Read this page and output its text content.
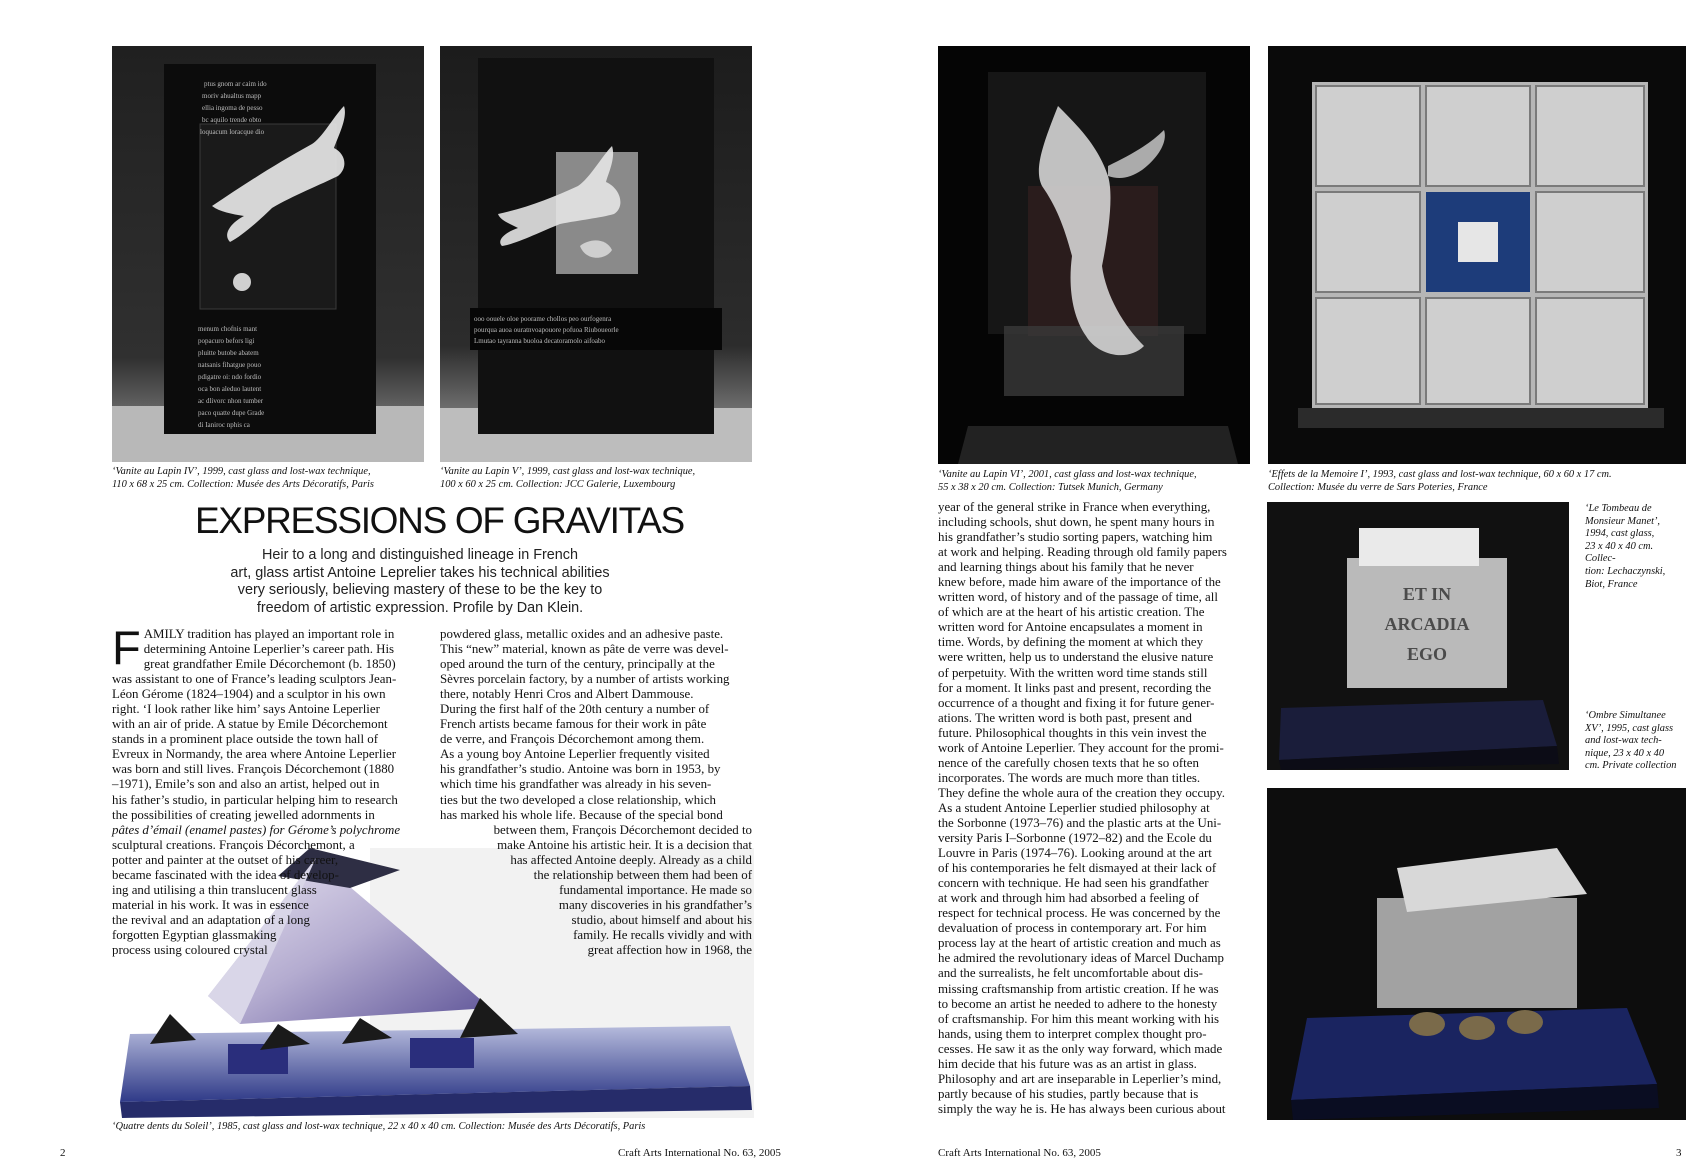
ptus gnom ar caim ido
moriv ahualtus mapp
ellia ingoma de pesso
bc aquilo trende obto
loquacum loracque dio
menum chofnis mant
popacuro befors ligi
pluitte butobe abatem
natsanis fihatgue pouo
pdigatre oi: ndo fordio
oca bon aleduo lautent
ac dlivorc nhon tumber
paco quatte dupe Grade
di Ianiroc nphis ca
‘Vanite au Lapin IV’, 1999, cast glass and lost-wax technique,
110 x 68 x 25 cm. Collection: Musée des Arts Décoratifs, Paris
ooo oouele oloe poorame chollos peo ourfogenra
pourqua auoa ouratnvoapouore pofuoa Riuboueorle
Lmutao tayranna buoloa decatoramolo aifoabo
‘Vanite au Lapin V’, 1999, cast glass and lost-wax technique,
100 x 60 x 25 cm. Collection: JCC Galerie, Luxembourg
EXPRESSIONS OF GRAVITAS
Heir to a long and distinguished lineage in French
art, glass artist Antoine Leprelier takes his technical abilities
very seriously, believing mastery of these to be the key to
freedom of artistic expression. Profile by Dan Klein.
F AMILY tradition has played an important role in
determining Antoine Leperlier’s career path. His
great grandfather Emile Décorchemont (b. 1850)
was assistant to one of France’s leading sculptors Jean-
Léon Gérome (1824–1904) and a sculptor in his own
right. ‘I look rather like him’ says Antoine Leperlier
with an air of pride. A statue by Emile Décorchemont
stands in a prominent place outside the town hall of
Evreux in Normandy, the area where Antoine Leperlier
was born and still lives. François Décorchemont (1880
–1971), Emile’s son and also an artist, helped out in
his father’s studio, in particular helping him to research
the possibilities of creating jewelled adornments in
pâtes d’émail (enamel pastes) for Gérome’s polychrome
sculptural creations. François Décorchemont, a
potter and painter at the outset of his career,
became fascinated with the idea of develop-
ing and utilising a thin translucent glass
material in his work. It was in essence
the revival and an adaptation of a long
forgotten Egyptian glassmaking
process using coloured crystal
powdered glass, metallic oxides and an adhesive paste.
This “new” material, known as pâte de verre was devel-
oped around the turn of the century, principally at the
Sèvres porcelain factory, by a number of artists working
there, notably Henri Cros and Albert Dammouse.
During the first half of the 20th century a number of
French artists became famous for their work in pâte
de verre, and François Décorchemont among them.
As a young boy Antoine Leperlier frequently visited
his grandfather’s studio. Antoine was born in 1953, by
which time his grandfather was already in his seven-
ties but the two developed a close relationship, which
has marked his whole life. Because of the special bond
between them, François Décorchemont decided to
make Antoine his artistic heir. It is a decision that
has affected Antoine deeply. Already as a child
the relationship between them had been of
fundamental importance. He made so
many discoveries in his grandfather’s
studio, about himself and about his
family. He recalls vividly and with
great affection how in 1968, the
‘Quatre dents du Soleil’, 1985, cast glass and lost-wax technique, 22 x 40 x 40 cm. Collection: Musée des Arts Décoratifs, Paris
2	Craft Arts International No. 63, 2005
‘Vanite au Lapin VI’, 2001, cast glass and lost-wax technique,
55 x 38 x 20 cm. Collection: Tutsek Munich, Germany
‘Effets de la Memoire I’, 1993, cast glass and lost-wax technique, 60 x 60 x 17 cm.
Collection: Musée du verre de Sars Poteries, France
ET IN
ARCADIA
EGO
‘Le Tombeau de
Monsieur Manet’,
1994, cast glass,
23 x 40 x 40 cm.
Collec-
tion: Lechaczynski,
Biot, France
‘Ombre Simultanee
XV’, 1995, cast glass
and lost-wax tech-
nique, 23 x 40 x 40
cm. Private collection
year of the general strike in France when everything,
including schools, shut down, he spent many hours in
his grandfather’s studio sorting papers, watching him
at work and helping. Reading through old family papers
and learning things about his family that he never
knew before, made him aware of the importance of the
written word, of history and of the passage of time, all
of which are at the heart of his artistic creation. The
written word for Antoine encapsulates a moment in
time. Words, by defining the moment at which they
were written, help us to understand the elusive nature
of perpetuity. With the written word time stands still
for a moment. It links past and present, recording the
occurrence of a thought and fixing it for future gener-
ations. The written word is both past, present and
future. Philosophical thoughts in this vein invest the
work of Antoine Leperlier. They account for the promi-
nence of the carefully chosen texts that he so often
incorporates. The words are much more than titles.
They define the whole aura of the creation they occupy.
As a student Antoine Leperlier studied philosophy at
the Sorbonne (1973–76) and the plastic arts at the Uni-
versity Paris I–Sorbonne (1972–82) and the Ecole du
Louvre in Paris (1974–76). Looking around at the art
of his contemporaries he felt dismayed at their lack of
concern with technique. He had seen his grandfather
at work and through him had absorbed a feeling of
respect for technical process. He was concerned by the
devaluation of process in contemporary art. For him
process lay at the heart of artistic creation and much as
he admired the revolutionary ideas of Marcel Duchamp
and the surrealists, he felt uncomfortable about dis-
missing craftsmanship from artistic creation. If he was
to become an artist he needed to adhere to the honesty
of craftsmanship. For him this meant working with his
hands, using them to interpret complex thought pro-
cesses. He saw it as the only way forward, which made
him decide that his future was as an artist in glass.
Philosophy and art are inseparable in Leperlier’s mind,
partly because of his studies, partly because that is
simply the way he is. He has always been curious about
Craft Arts International No. 63, 2005	3
